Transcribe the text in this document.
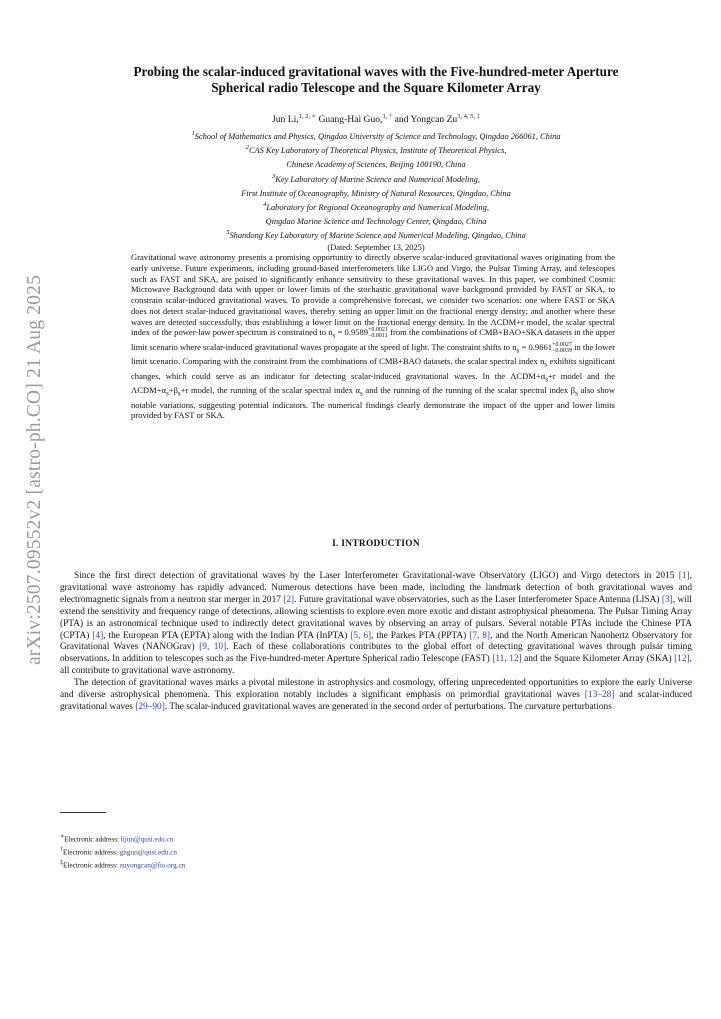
arXiv:2507.09552v2 [astro-ph.CO] 21 Aug 2025
Probing the scalar-induced gravitational waves with the Five-hundred-meter Aperture
Spherical radio Telescope and the Square Kilometer Array
Jun Li,$^{1, 2, ∗}$ Guang-Hai Guo,$^{1, \dagger}$ and Yongcan $Zu^{3, 4, 5, \ddagger}$
$^1$School of Mathematics and Physics, Qingdao University of Science and Technology, Qingdao 266061, China
$^2$CAS Key Laboratory of Theoretical Physics, Institute of Theoretical Physics,
Chinese Academy of Sciences, Beijing 100190, China
$^3$Key Laboratory of Marine Science and Numerical Modeling,
First Institute of Oceanography, Ministry of Natural Resources, Qingdao, China
$^4$Laboratory for Regional Oceanography and Numerical Modeling,
Qingdao Marine Science and Technology Center, Qingdao, China
$^5$Shandong Key Laboratory of Marine Science and Numerical Modeling, Qingdao, China
(Dated: September 13, 2025)
Gravitational wave astronomy presents a promising opportunity to directly observe scalar-induced gravitational waves originating from the early universe. Future experiments, including ground-based interferometers like LIGO and Virgo, the Pulsar Timing Array, and telescopes such as FAST and SKA, are poised to significantly enhance sensitivity to these gravitational waves. In this paper, we combined Cosmic Microwave Background data with upper or lower limits of the stochastic gravitational wave background provided by FAST or SKA, to constrain scalar-induced gravitational waves. To provide a comprehensive forecast, we consider two scenarios: one where FAST or SKA does not detect scalar-induced gravitational waves, thereby setting an upper limit on the fractional energy density; and another where these waves are detected successfully, thus establishing a lower limit on the fractional energy density. In the ΛCDM+r model, the scalar spectral index of the power-law power spectrum is constrained to $n_s = 0.9589 +0.0021$
−0.0011 from the combinations of CMB+BAO+SKA datasets in the upper limit scenario where scalar-induced gravitational waves propagate at the speed of light. The constraint shifts to $n_s = 0.9661 +0.0027$
−0.0039 in the lower limit scenario. Comparing with the constraint from the combinations of CMB+BAO datasets, the scalar spectral index $n_s$ exhibits significant changes, which could serve as an indicator for detecting scalar-induced gravitational waves. In the $\Lambda CDM+\alpha_s+r$ model and the $\Lambda CDM+\alpha_s+\beta_s+r$ model, the running of the scalar spectral index $\alpha_s$ and the running of the running of the scalar spectral index $\beta_s$ also show notable variations, suggesting potential indicators. The numerical findings clearly demonstrate the impact of the upper and lower limits provided by FAST or SKA.
I. INTRODUCTION

Since the first direct detection of gravitational waves by the Laser Interferometer Gravitational-wave Observatory (LIGO) and Virgo detectors in 2015 [1], gravitational wave astronomy has rapidly advanced. Numerous detections have been made, including the landmark detection of both gravitational waves and electromagnetic signals from a neutron star merger in 2017 [2]. Future gravitational wave observatories, such as the Laser Interferometer Space Antenna (LISA) [3], will extend the sensitivity and frequency range of detections, allowing scientists to explore even more exotic and distant astrophysical phenomena. The Pulsar Timing Array (PTA) is an astronomical technique used to indirectly detect gravitational waves by observing an array of pulsars. Several notable PTAs include the Chinese PTA (CPTA) [4], the European PTA (EPTA) along with the Indian PTA (InPTA) [5, 6], the Parkes PTA (PPTA) [7, 8], and the North American Nanohertz Observatory for Gravitational Waves (NANOGrav) [9, 10]. Each of these collaborations contributes to the global effort of detecting gravitational waves through pulsar timing observations. In addition to telescopes such as the Five-hundred-meter Aperture Spherical radio Telescope (FAST) [11, 12] and the Square Kilometer Array (SKA) [12], all contribute to gravitational wave astronomy.

The detection of gravitational waves marks a pivotal milestone in astrophysics and cosmology, offering unprecedented opportunities to explore the early Universe and diverse astrophysical phenomena. This exploration notably includes a significant emphasis on primordial gravitational waves [13–28] and scalar-induced gravitational waves [29–90]. The scalar-induced gravitational waves are generated in the second order of perturbations. The curvature perturbations

∗Electronic address: lijun@qust.edu.cn
†Electronic address: ghguo@qust.edu.cn
‡Electronic address: zuyongcan@fio.org.cn
